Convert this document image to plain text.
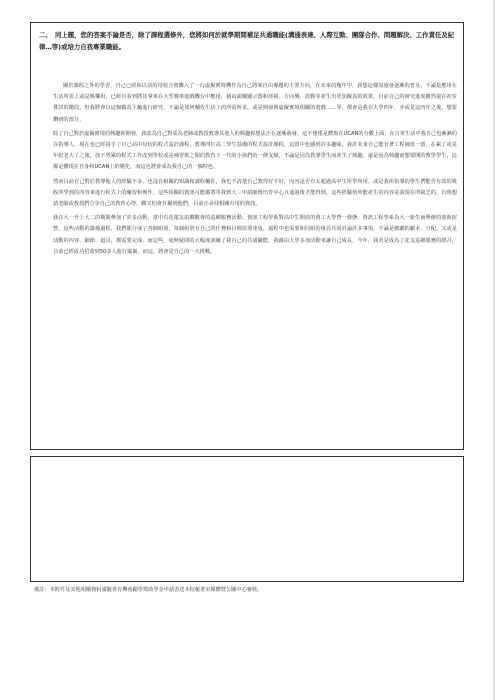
二、 同上題，您的答案不論是否，除了課程選修外，您將如何於就學期間補足共通職能(溝通表達、人際互動、團隊合作、問題解決、工作責任及紀律…等)或培力自我專業職能。

關於課程之外的學習，自己已經和以前的母校合資購入了一台虛擬實境機作為自己將來自由專題的主要方向，在未來的幾年中，我想這樣設施會逐漸的普及，不論是應用在生活所需上或是娛樂用，已經有看到將其拿來在大型賽車遊戲機台中應用，藉由頭戴顯示器和座椅、方向盤、震動等產生出更加擬真的效果，目前自己的研究進度雖然還在初步嘗試的階段，但我將會以這個做為主軸進行研究，不論是如何輔佐生活上的所需所求，或是開發與虛擬實境相關的遊戲……等，都會是我在大學四年，亦或是這四年之後，想要鑽研的部分。

除了自己對於虛擬實境的興趣和開發，我認為自己對成為老師或教授教導其他人的興趣和想法正在逐漸萌發，這不僅僅是體現在UCAN的分數上面，在日常生活中我自己也漸漸的在指導人，現在也已經接手了自己高中母校的程式設計課程，教導四位高二學生基礎的程式設計課程，這當中也感到許多趣味，我許未來自己能有著工程師當一當，在累了或是年紀老大了之後，放下勞累的程式工作改到學校或是補習班之類的教育下一代的小孩們的一條支線，不論是因為教導學生而產生了興趣，還是因為興趣而想要開的教學學生，這都是體現在自身和UCAN上的變化，而這也將會成為我自己的一個特色。

然而目前自己對於教導他人的經驗不多，也沒有相關的知識和課程輔佐，我也不清楚自己教得好不好，內容是否有太超過高中生所學所用，或是我所指導的學生們能否有效的吸收所學到的內容來進行程式上的練習和實作，這些相關的資訊可能都將等我到大三申請師資培育中心且通過後才能得到，這些經驗值所能產生的內容是我現在所缺乏的，有時想請老師或教授們分享自己的教育心得，聊又怕會打擾到他們，目前正尋找相關有用的資訊。

我在大一升上大二的期間參加了許多活動，當中有花蓮友誼聯歡會的巡鄉服務活動、資訊工程學系對高中生開放的資工大學營一資態、資訊工程學系為大一新生而舉辦的迎新宿營，這些活動的籌備過程，我們都分成了各個組別，每個組別有自己的任務和目標需要達成，過程中也需要和同組的組員共同討論許多事項，不論是戲劇的劇本、分配，又或是活動的內容、細節、道具，都需要完成，而這些，毫無疑問的大幅度訓練了我自己的共通職能，我藉由大學多加活動來讓自己成長，今年，我更是成為了花友巡鄉服務的總召，目前已經成功招募到50多人進行籌備，而這，將會是自己的一大挑戰。

備註：本附件及其他相關資料請隨喜有機會勵學獎助學金申請表送本校秘書室媒體暨公關中心審核。
